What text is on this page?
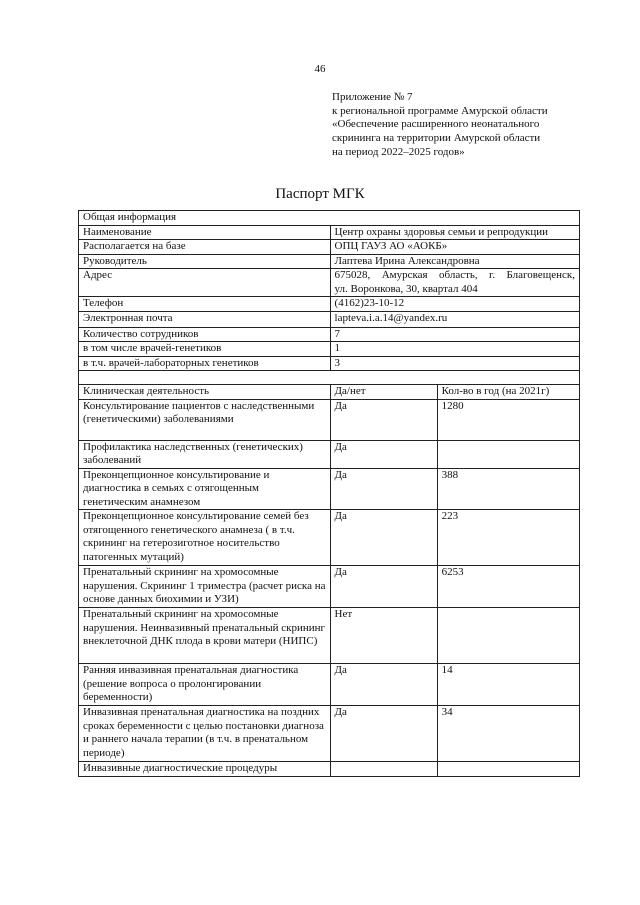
46
Приложение № 7
к региональной программе Амурской области
«Обеспечение расширенного неонатального
скрининга на территории Амурской области
на период 2022–2025 годов»
Паспорт МГК
Общая информация		
Наименование	Центр охраны здоровья семьи и репродукции	
Располагается на базе	ОПЦ ГАУЗ АО «АОКБ»	
Руководитель	Лаптева Ирина Александровна	
Адрес	675028, Амурская область, г. Благовещенск,
ул. Воронкова, 30, квартал 404	

Телефон	(4162)23-10-12	
Электронная почта	lapteva.i.a.14@yandex.ru	
Количество сотрудников	7	
в том числе врачей-генетиков	1	
в т.ч. врачей-лабораторных генетиков	3	

Клиническая деятельность	Да/нет	Кол-во в год (на 2021г)
Консультирование пациентов с наследственными (генетическими) заболеваниями	Да	1280
Профилактика наследственных (генетических) заболеваний	Да	
Преконцепционное консультирование и диагностика в семьях с отягощенным генетическим анамнезом	Да	388
Преконцепционное консультирование семей без отягощенного генетического анамнеза ( в т.ч. скрининг на гетерозиготное носительство патогенных мутаций)	Да	223
Пренатальный скрининг на хромосомные нарушения. Скрининг 1 триместра (расчет риска на основе данных биохимии и УЗИ)	Да	6253
Пренатальный скрининг на хромосомные нарушения. Неинвазивный пренатальный скрининг внеклеточной ДНК плода в крови матери (НИПС)	Нет	
Ранняя инвазивная пренатальная диагностика (решение вопроса о пролонгировании беременности)	Да	14
Инвазивная пренатальная диагностика на поздних сроках беременности с целью постановки диагноза и раннего начала терапии (в т.ч. в пренатальном периоде)	Да	34
Инвазивные диагностические процедуры		
